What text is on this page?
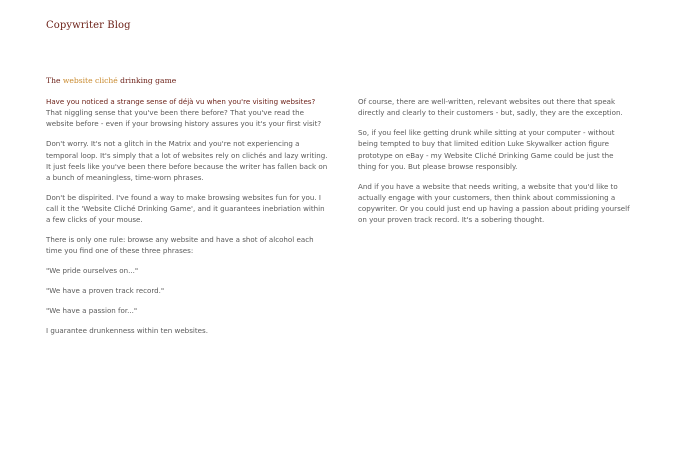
Copywriter Blog
The website cliché drinking game

Have you noticed a strange sense of déjà vu when you're visiting websites? That niggling sense that you've been there before? That you've read the website before - even if your browsing history assures you it's your first visit?

Don't worry. It's not a glitch in the Matrix and you're not experiencing a temporal loop. It's simply that a lot of websites rely on clichés and lazy writing. It just feels like you've been there before because the writer has fallen back on a bunch of meaningless, time-worn phrases.

Don't be dispirited. I've found a way to make browsing websites fun for you. I call it the 'Website Cliché Drinking Game', and it guarantees inebriation within a few clicks of your mouse.

There is only one rule: browse any website and have a shot of alcohol each time you find one of these three phrases:

"We pride ourselves on..."

"We have a proven track record."

"We have a passion for..."

I guarantee drunkenness within ten websites.

Of course, there are well-written, relevant websites out there that speak directly and clearly to their customers - but, sadly, they are the exception.

So, if you feel like getting drunk while sitting at your computer - without being tempted to buy that limited edition Luke Skywalker action figure prototype on eBay - my Website Cliché Drinking Game could be just the thing for you. But please browse responsibly.

And if you have a website that needs writing, a website that you'd like to actually engage with your customers, then think about commissioning a copywriter. Or you could just end up having a passion about priding yourself on your proven track record. It's a sobering thought.
